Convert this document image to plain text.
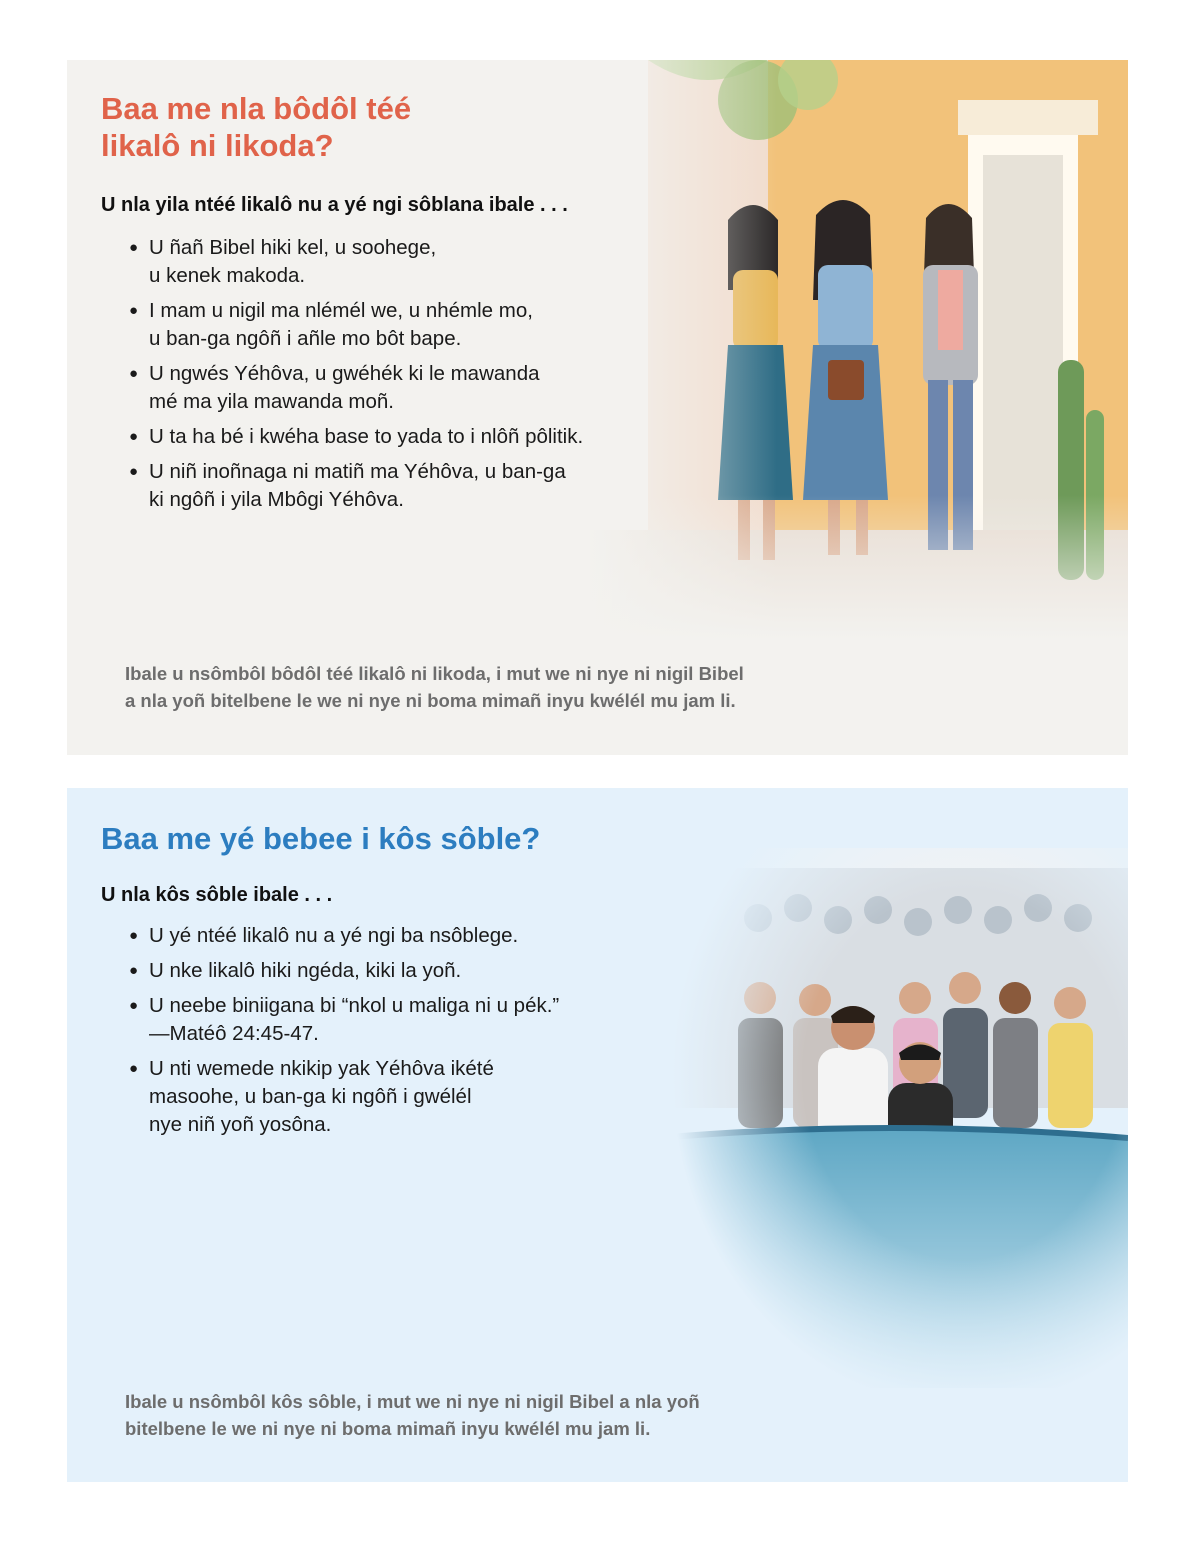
Baa me nla bôdôl téé
likalô ni likoda?

U nla yila ntéé likalô nu a yé ngi sôblana ibale . . .

● U ñañ Bibel hiki kel, u soohege,
u kenek makoda.
● I mam u nigil ma nlémél we, u nhémle mo,
u ban-ga ngôñ i añle mo bôt bape.
● U ngwés Yéhôva, u gwéhék ki le mawanda
mé ma yila mawanda moñ.
● U ta ha bé i kwéha base to yada to i nlôñ pôlitik.
● U niñ inoñnaga ni matiñ ma Yéhôva, u ban-ga
ki ngôñ i yila Mbôgi Yéhôva.

Ibale u nsômbôl bôdôl téé likalô ni likoda, i mut we ni nye ni nigil Bibel
a nla yoñ bitelbene le we ni nye ni boma mimañ inyu kwélél mu jam li.

Baa me yé bebee i kôs sôble?

U nla kôs sôble ibale . . .

● U yé ntéé likalô nu a yé ngi ba nsôblege.
● U nke likalô hiki ngéda, kiki la yoñ.
● U neebe biniigana bi “nkol u maliga ni u pék.”
—Matéô 24:45-47.
● U nti wemede nkikip yak Yéhôva ikété
masoohe, u ban-ga ki ngôñ i gwélél
nye niñ yoñ yosôna.

Ibale u nsômbôl kôs sôble, i mut we ni nye ni nigil Bibel a nla yoñ
bitelbene le we ni nye ni boma mimañ inyu kwélél mu jam li.
